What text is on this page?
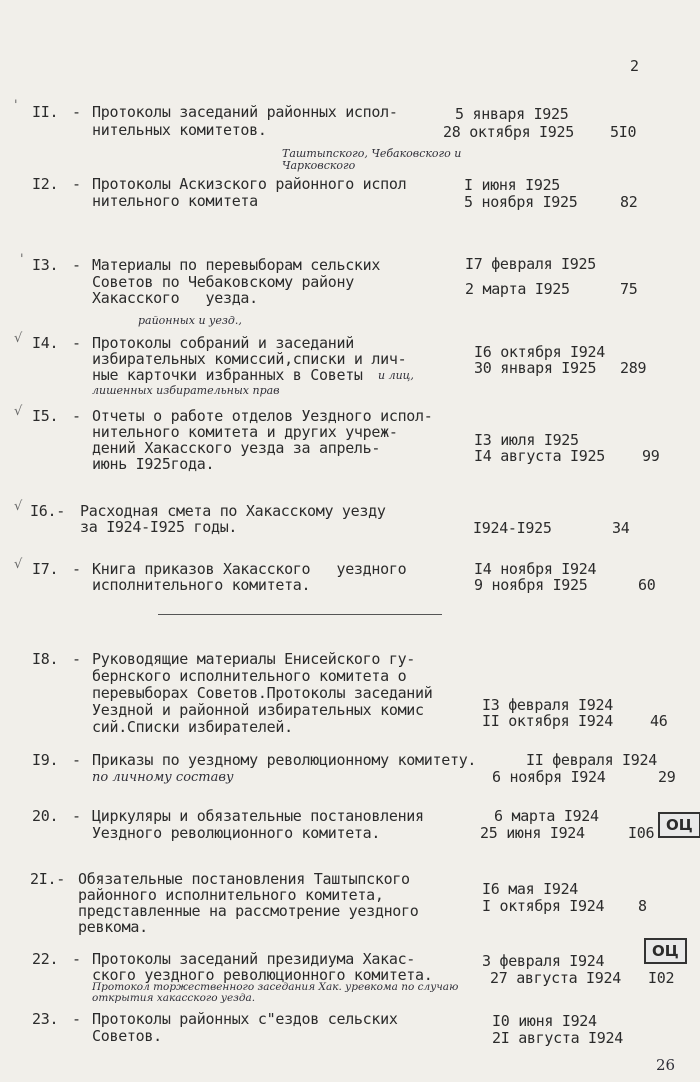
2
' II. - Протоколы заседаний районных испол-
нительных комитетов.
5 января I925
28 октября I925 5I0
Таштыпского, Чебаковского и Чарковского
I2. - Протоколы Аскизского районного испол
нительного комитета
I июня I925
5 ноября I925	82
' I3. - Материалы по перевыборам сельских
Советов по Чебаковскому району
Хакасского   уезда.
I7 февраля I925
2 марта I925	75
районных и уезд.,
√ I4. - Протоколы собраний и заседаний
избирательных комиссий,списки и лич-
ные карточки избранных в Советы и лиц,
лишенных избирательных прав
I6 октября I924
30 января I925 289
√ I5. - Отчеты о работе отделов Уездного испол-
нительного комитета и других учреж-
дений Хакасского уезда за апрель-
июнь I925года.
I3 июля I925
I4 августа I925 99
√ I6.- Расходная смета по Хакасскому уезду
за I924-I925 годы.	I924-I925	34
√ I7. - Книга приказов Хакасского   уездного
исполнительного комитета.
I4 ноября I924
9 ноября I925	60
I8. - Руководящие материалы Енисейского гу-
бернского исполнительного комитета о
перевыборах Советов.Протоколы заседаний
Уездной и районной избирательных комис
сий.Списки избирателей.
I3 февраля I924
II октября I924 46
I9. - Приказы по уездному революционному комитету.	II февраля I924
по личному составу	6 ноября I924	29
20. - Циркуляры и обязательные постановления
Уездного революционного комитета.
6 марта I924
25 июня I924	I06 ОЦ
2I.- Обязательные постановления Таштыпского
районного исполнительного комитета,
представленные на рассмотрение уездного
ревкома.
I6 мая I924
I октября I924 8
22. - Протоколы заседаний президиума Хакас-
ского уездного революционного комитета.
Протокол торжественного заседания Хак. уревкома по случаю открытия хакасского уезда.
3 февраля I924
27 августа I924 I02
ОЦ
23. - Протоколы районных с"ездов сельских
Советов.
I0 июня I924
2I августа I924
26
